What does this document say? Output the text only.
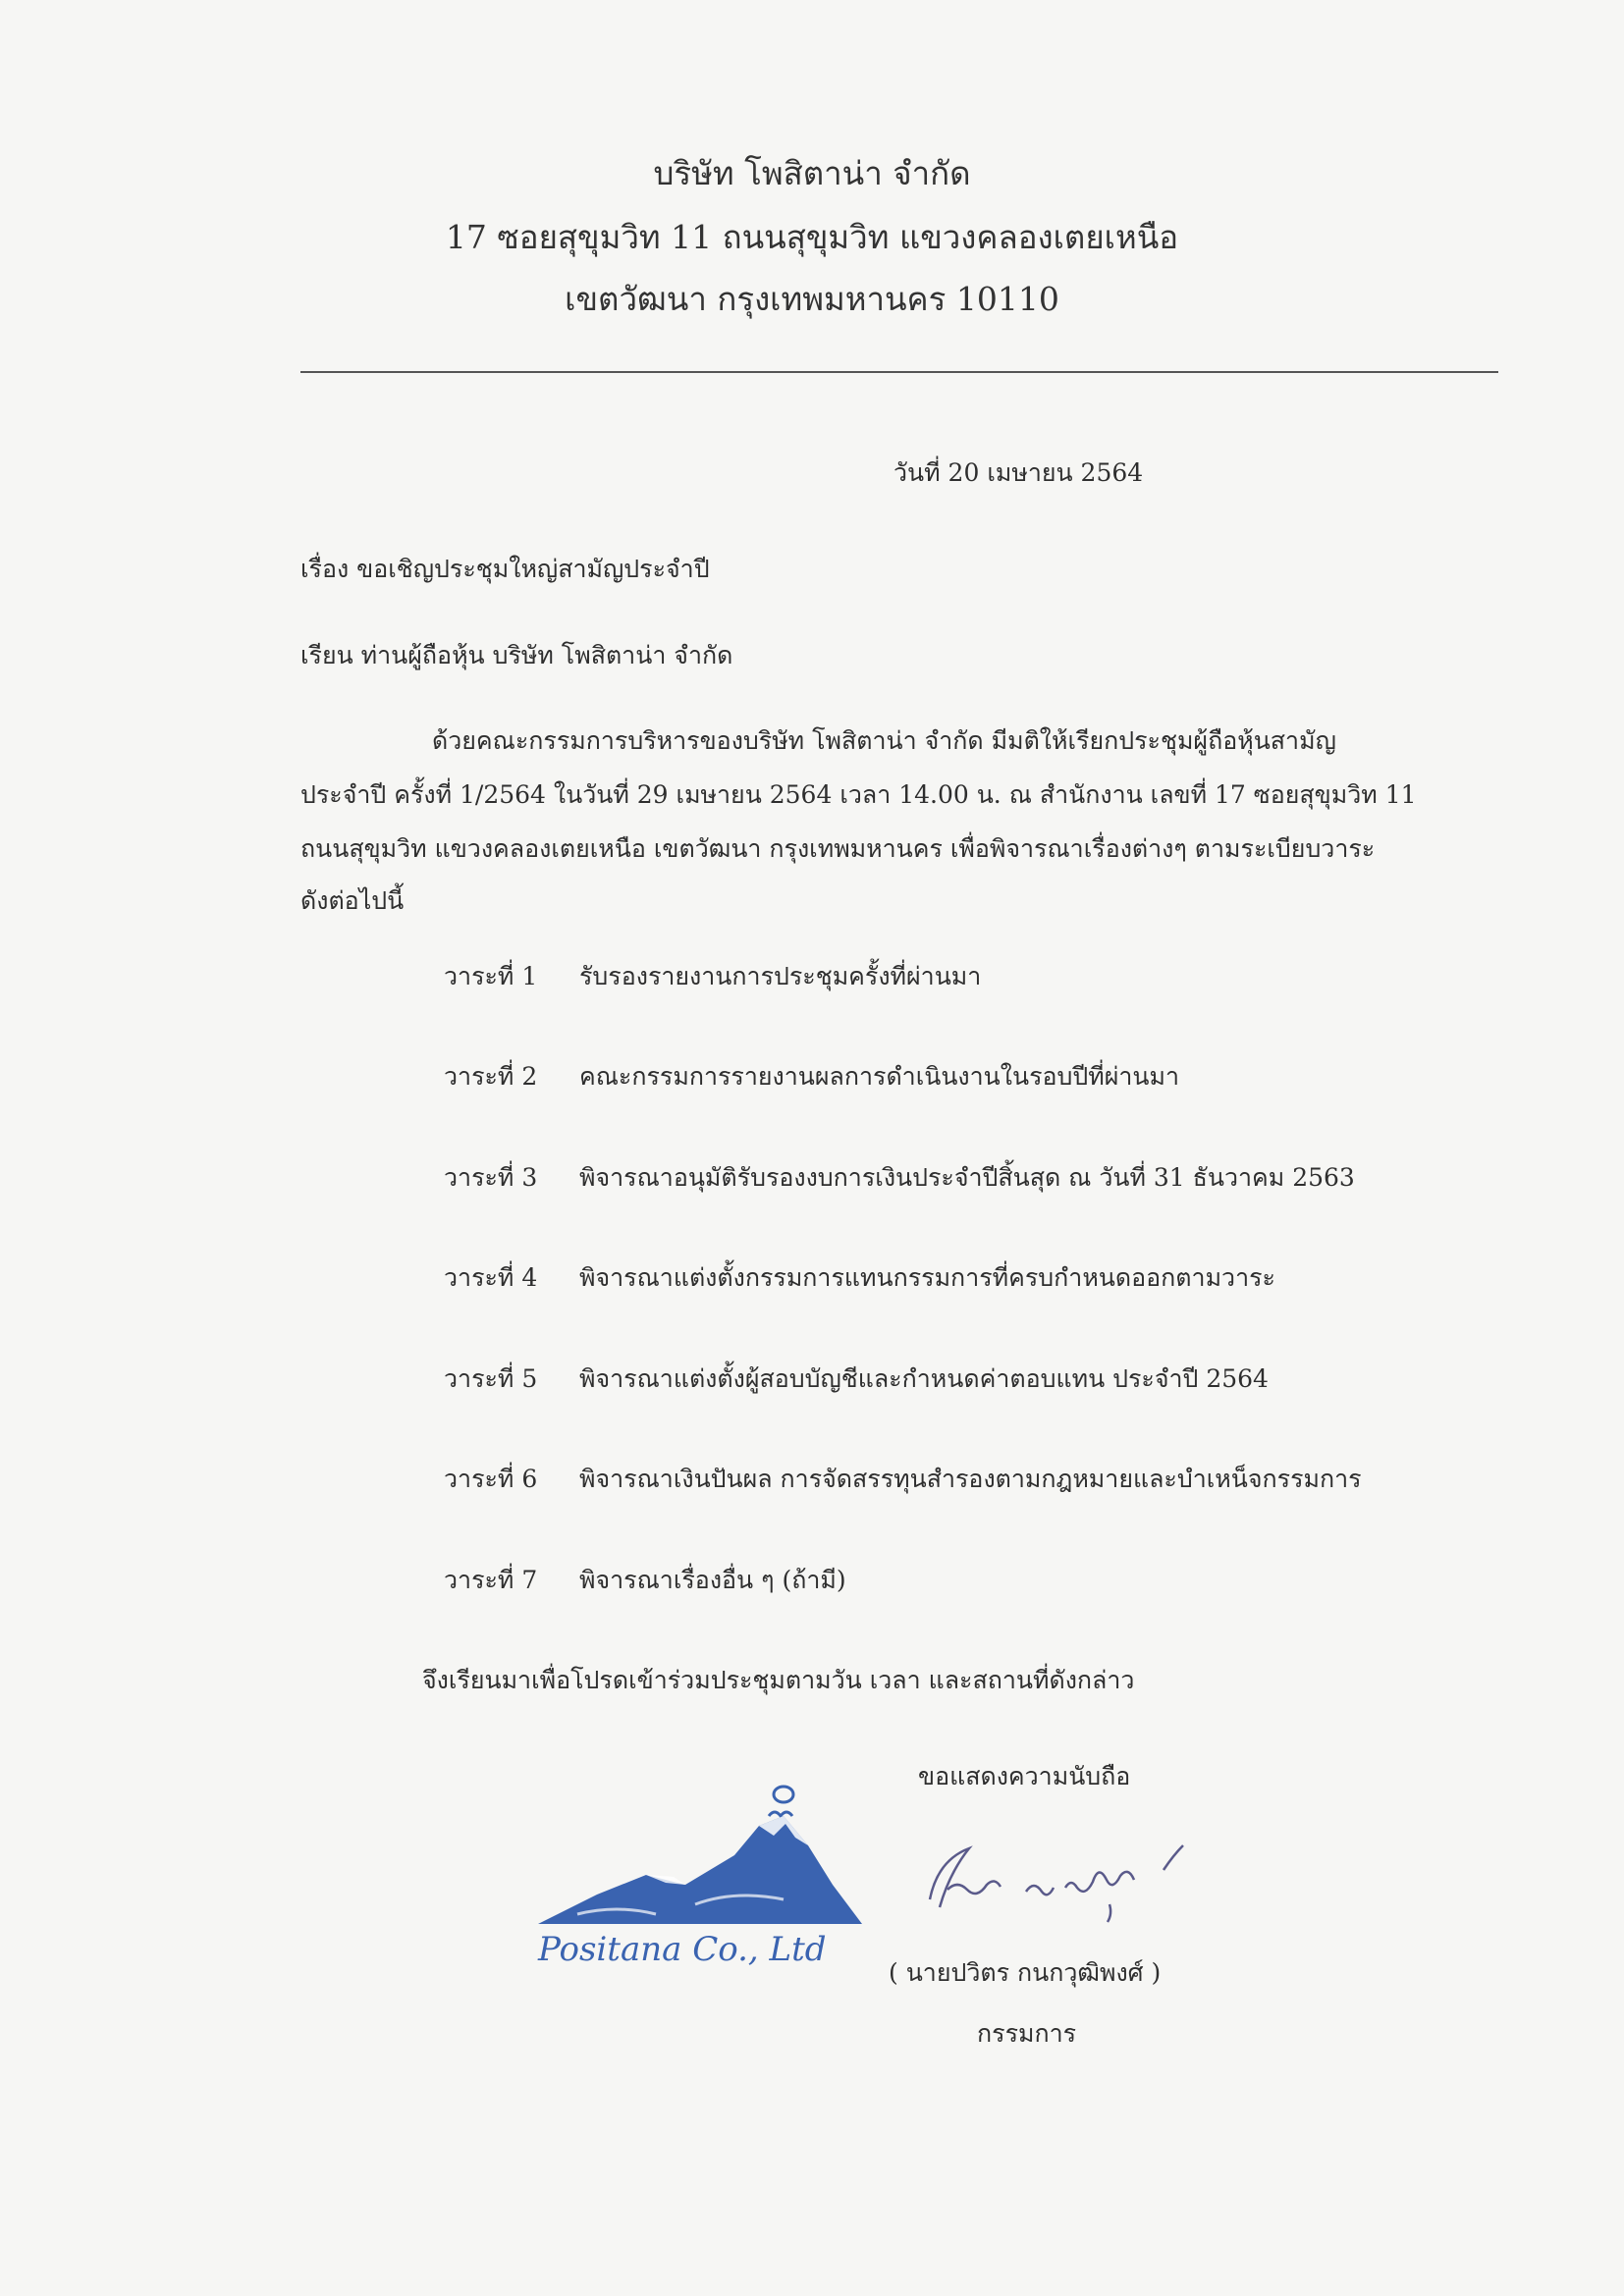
บริษัท โพสิตาน่า จำกัด
17 ซอยสุขุมวิท 11 ถนนสุขุมวิท แขวงคลองเตยเหนือ
เขตวัฒนา กรุงเทพมหานคร 10110
วันที่ 20 เมษายน 2564
เรื่อง ขอเชิญประชุมใหญ่สามัญประจำปี
เรียน ท่านผู้ถือหุ้น บริษัท โพสิตาน่า จำกัด
ด้วยคณะกรรมการบริหารของบริษัท โพสิตาน่า จำกัด มีมติให้เรียกประชุมผู้ถือหุ้นสามัญ
ประจำปี ครั้งที่ 1/2564 ในวันที่ 29 เมษายน 2564 เวลา 14.00 น. ณ สำนักงาน เลขที่ 17 ซอยสุขุมวิท 11
ถนนสุขุมวิท แขวงคลองเตยเหนือ เขตวัฒนา กรุงเทพมหานคร เพื่อพิจารณาเรื่องต่างๆ ตามระเบียบวาระ
ดังต่อไปนี้
วาระที่ 1 รับรองรายงานการประชุมครั้งที่ผ่านมา
วาระที่ 2 คณะกรรมการรายงานผลการดำเนินงานในรอบปีที่ผ่านมา
วาระที่ 3 พิจารณาอนุมัติรับรองงบการเงินประจำปีสิ้นสุด ณ วันที่ 31 ธันวาคม 2563
วาระที่ 4 พิจารณาแต่งตั้งกรรมการแทนกรรมการที่ครบกำหนดออกตามวาระ
วาระที่ 5 พิจารณาแต่งตั้งผู้สอบบัญชีและกำหนดค่าตอบแทน ประจำปี 2564
วาระที่ 6 พิจารณาเงินปันผล การจัดสรรทุนสำรองตามกฎหมายและบำเหน็จกรรมการ
วาระที่ 7 พิจารณาเรื่องอื่น ๆ (ถ้ามี)
จึงเรียนมาเพื่อโปรดเข้าร่วมประชุมตามวัน เวลา และสถานที่ดังกล่าว
ขอแสดงความนับถือ
Positana Co., Ltd
( นายปวิตร กนกวุฒิพงศ์ )
กรรมการ
